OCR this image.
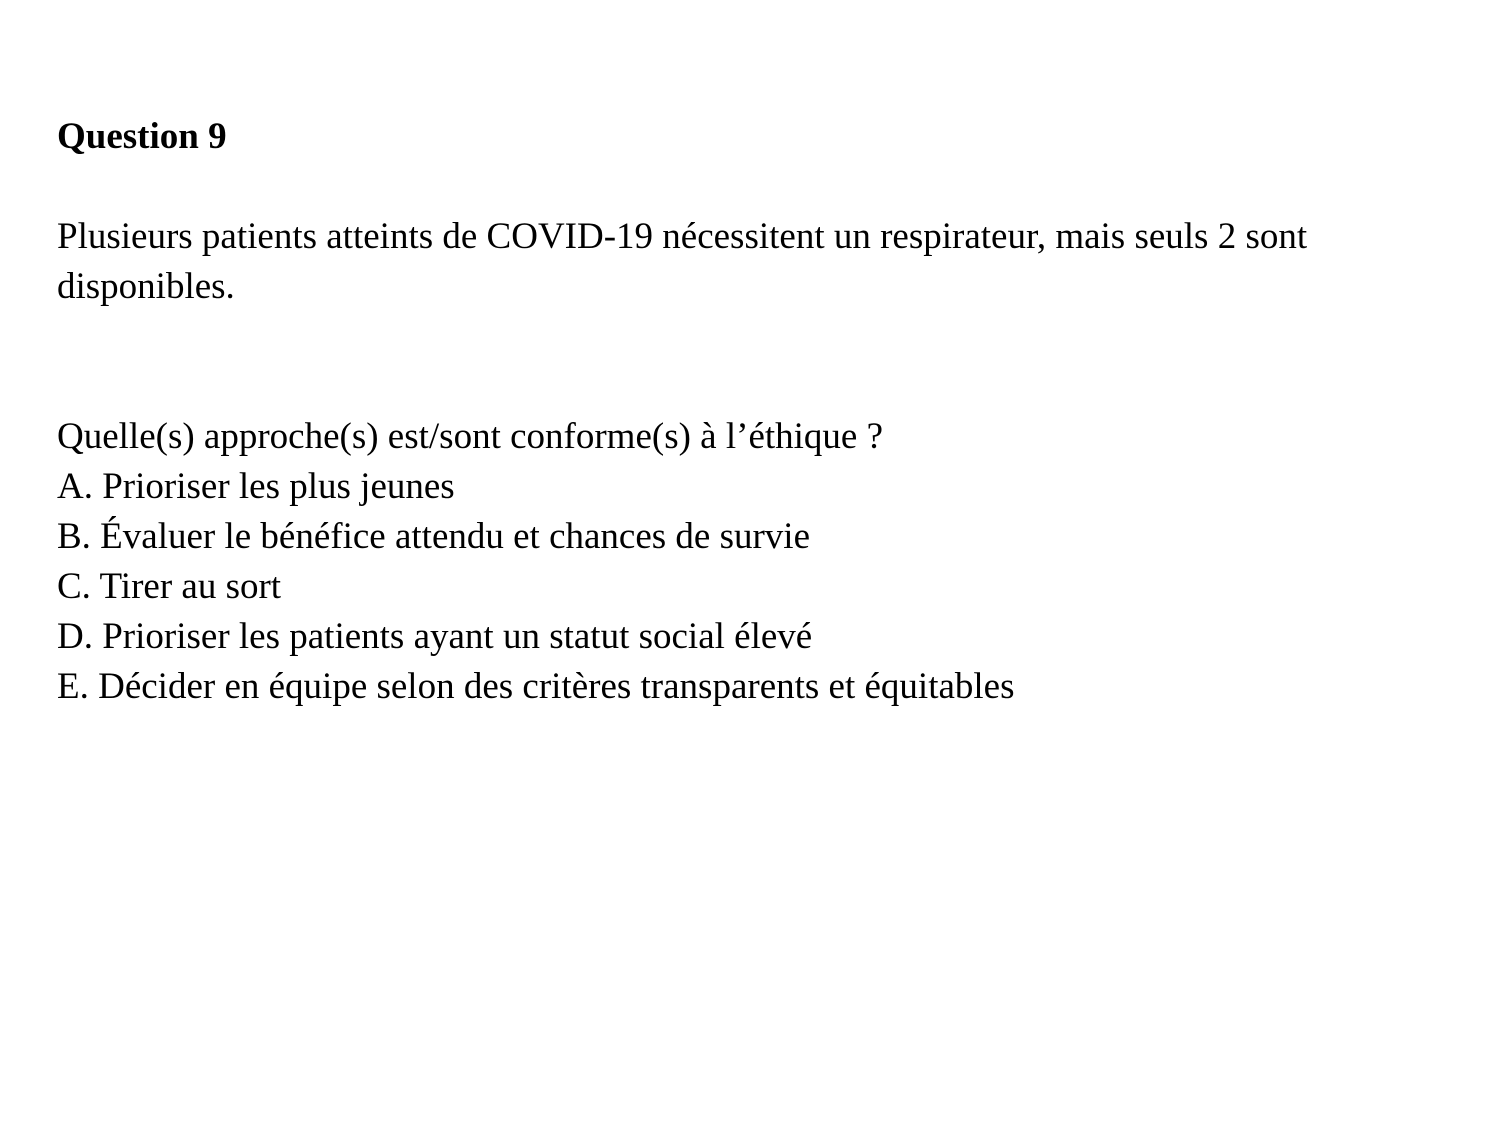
Question 9

Plusieurs patients atteints de COVID-19 nécessitent un respirateur, mais seuls 2 sont disponibles.

Quelle(s) approche(s) est/sont conforme(s) à l’éthique ?

A. Prioriser les plus jeunes
B. Évaluer le bénéfice attendu et chances de survie
C. Tirer au sort
D. Prioriser les patients ayant un statut social élevé
E. Décider en équipe selon des critères transparents et équitables
